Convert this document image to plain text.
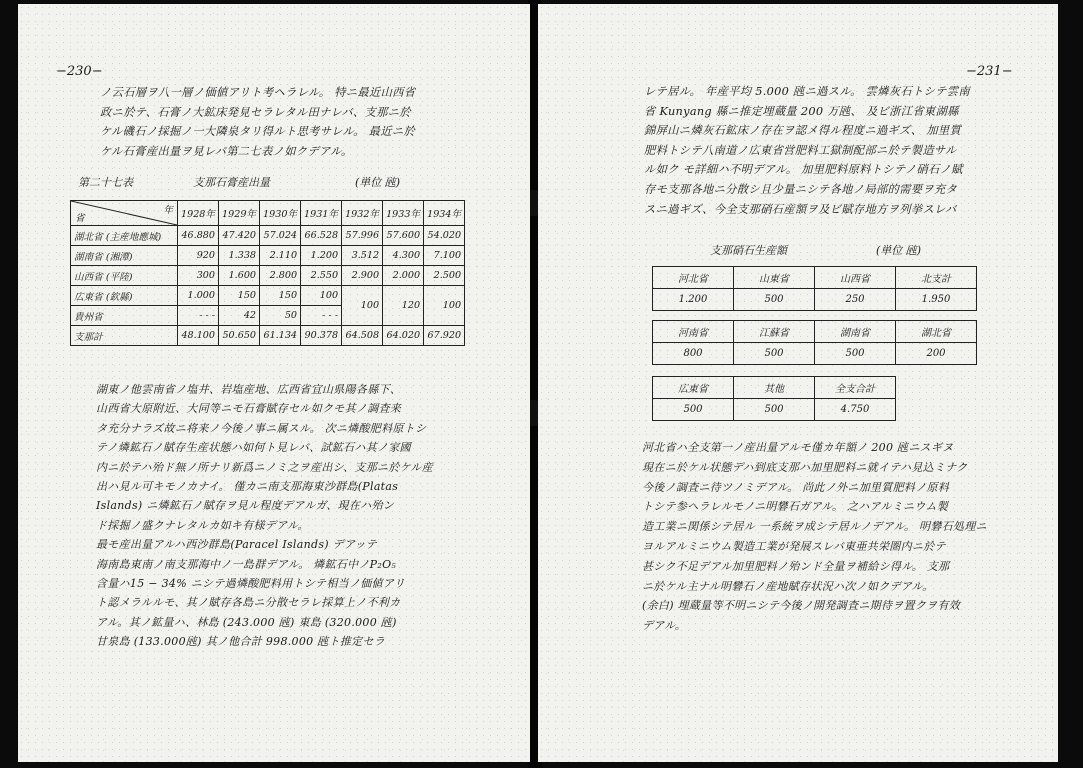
−230−

ノ云石層ヲ八一層ノ価値アリト考ヘラレル。 特ニ最近山西省

政ニ於テ、石膏ノ大鉱床発見セラレタル田ナレバ、支那ニ於

ケル磯石ノ採掘ノ一大隣泉タリ得ルト思考サレル。 最近ニ於

ケル石膏産出量ヲ見レバ第二七表ノ如クデアル。

第二十七表	支那石膏産出量	(単位 瓲)
年
省	1928年	1929年	1930年	1931年	1932年	1933年	1934年
湖北省 (主産地應城)	46.880	47.420	57.024	66.528	57.996	57.600	54.020
湖南省 (湘潭)	920	1.338	2.110	1.200	3.512	4.300	7.100
山西省 (平陸)	300	1.600	2.800	2.550	2.900	2.000	2.500
広東省 (欽縣)	1.000	150	150	100	100	120	100
貴州省	- - -	42	50	- - -			
支那計	48.100	50.650	61.134	90.378	64.508	64.020	67.920

湖東ノ他雲南省ノ塩井、岩塩産地、広西省宜山県陽各縣下、

山西省大原附近、大同等ニモ石膏賦存セル如クモ其ノ調査来

タ充分ナラズ故ニ将来ノ今後ノ事ニ属スル。 次ニ燐酸肥料原トシ

テノ燐鉱石ノ賦存生産状態ハ如何ト見レバ、試鉱石ハ其ノ家國

内ニ於テハ殆ド無ノ所ナリ新爲ニノミ之ヲ産出シ、支那ニ於ケル産

出ハ見ル可キモノカナイ。 僅カニ南支那海東沙群島(Platas

Islands) ニ燐鉱石ノ賦存ヲ見ル程度デアルガ、現在ハ殆ン

ド採掘ノ盛クナレタルカ如キ有様デアル。

最モ産出量アルハ西沙群島(Paracel Islands) デアッテ

海南島東南ノ南支那海中ノ一島群デアル。 燐鉱石中ノP₂O₅

含量ハ15 − 34% ニシテ過燐酸肥料用トシテ相当ノ価値アリ

ト認メラルルモ、其ノ賦存各島ニ分散セラレ採算上ノ不利カ

アル。其ノ鉱量ハ、林島 (243.000 瓲) 東島 (320.000 瓲)

甘泉島 (133.000瓲) 其ノ他合計 998.000 瓲ト推定セラ

−231−

レテ居ル。 年産平均 5.000 瓲ニ過スル。 雲燐灰石トシテ雲南

省 Kunyang 縣ニ推定埋蔵量 200 万瓲、 及ビ浙江省東湖縣

錦屏山ニ燐灰石鉱床ノ存在ヲ認メ得ル程度ニ過ギズ、 加里質

肥料トシテ八南道ノ広東省営肥料工獄制配部ニ於テ製造サル

ル如ク モ詳細ハ不明デアル。 加里肥料原料トシテノ硝石ノ賦

存モ支那各地ニ分散シ且少量ニシテ各地ノ局部的需要ヲ充タ

スニ過ギズ、今全支那硝石産額ヲ及ビ賦存地方ヲ列挙スレバ

支那硝石生産額	(単位 瓲)
河北省	山東省	山西省	北支計
1.200	500	250	1.950
河南省	江蘇省	湖南省	湖北省
800	500	500	200
広東省	其他	全支合計
500	500	4.750

河北省ハ全支第一ノ産出量アルモ僅カ年額ノ 200 瓲ニスギヌ

現在ニ於ケル状態デハ到底支那ハ加里肥料ニ就イテハ見込ミナク

今後ノ調査ニ待ツノミデアル。 尚此ノ外ニ加里質肥料ノ原料

トシテ参ヘラレルモノニ明礬石ガアル。 之ハアルミニウム製

造工業ニ関係シテ居ル 一系統ヲ成シテ居ルノデアル。 明礬石処理ニ

ヨルアルミニウム製造工業が発展スレバ東亜共栄圏内ニ於テ

甚シク不足デアル加里肥料ノ殆ンド全量ヲ補給シ得ル。 支那

ニ於ケル主ナル明礬石ノ産地賦存状況ハ次ノ如クデアル。

(余白) 埋蔵量等不明ニシテ今後ノ開発調査ニ期待ヲ置クヲ有效

デアル。
